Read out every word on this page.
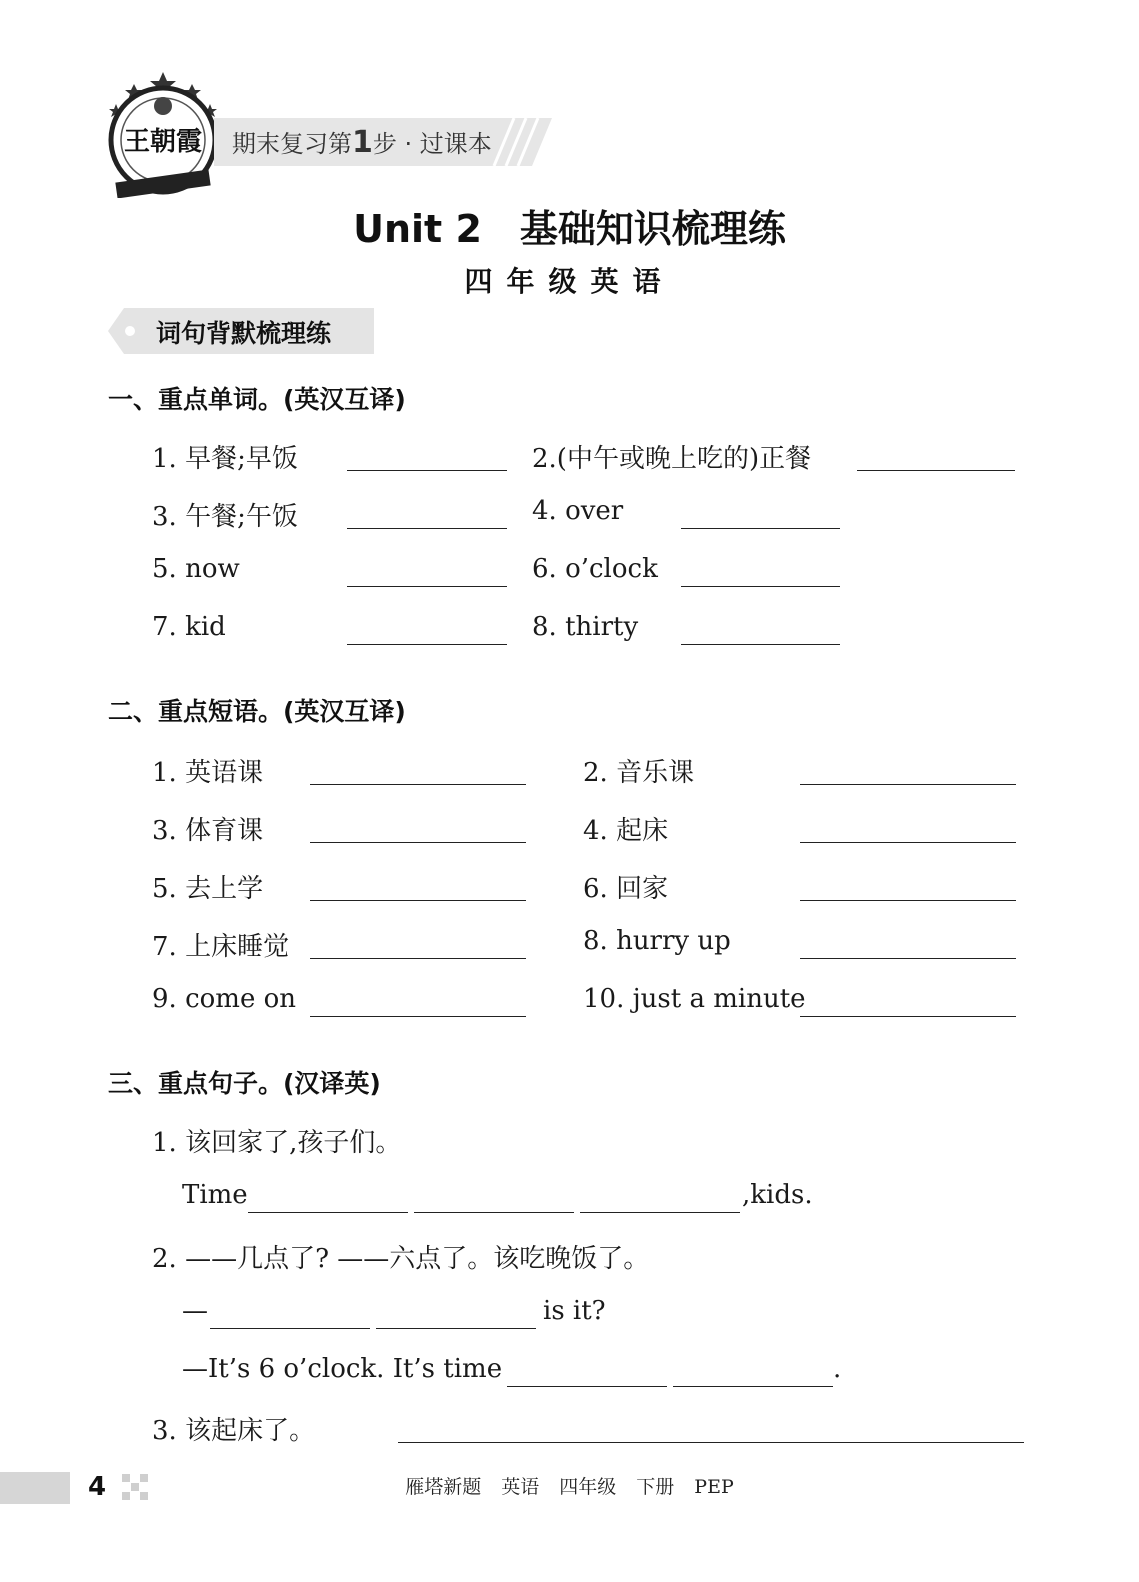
王朝霞 期末复习第1步 · 过课本
Unit 2　基础知识梳理练
四年级英语
词句背默梳理练
一、重点单词。(英汉互译)
1. 早餐;早饭	2.(中午或晚上吃的)正餐
3. 午餐;午饭	4. over
5. now	6. o’clock
7. kid	8. thirty
二、重点短语。(英汉互译)
1. 英语课	2. 音乐课
3. 体育课	4. 起床
5. 去上学	6. 回家
7. 上床睡觉	8. hurry up
9. come on	10. just a minute
三、重点句子。(汉译英)
1. 该回家了,孩子们。
Time	,kids.
2. ——几点了? ——六点了。该吃晚饭了。
—	is it?
—It’s 6 o’clock. It’s time	.
3. 该起床了。
4	雁塔新题 英语 四年级 下册 PEP
